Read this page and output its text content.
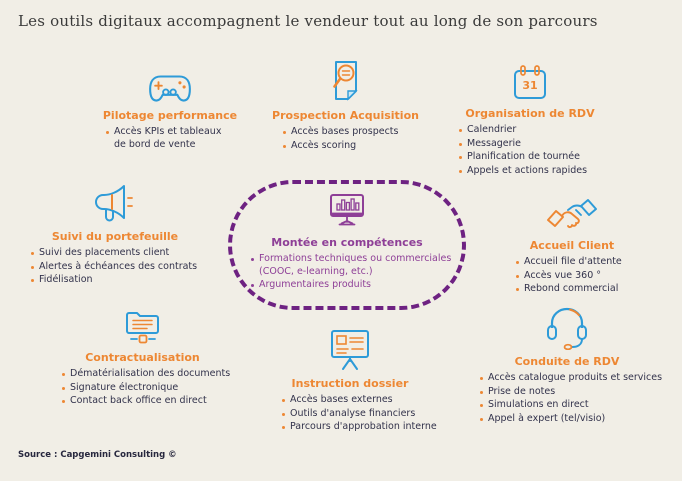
Les outils digitaux accompagnent le vendeur tout au long de son parcours
Pilotage performance
Accès KPIs et tableaux de bord de vente
Prospection Acquisition
Accès bases prospects
Accès scoring
31
Organisation de RDV
Calendrier
Messagerie
Planification de tournée
Appels et actions rapides
Suivi du portefeuille
Suivi des placements client
Alertes à échéances des contrats
Fidélisation
Montée en compétences
Formations techniques ou commerciales (COOC, e-learning, etc.)
Argumentaires produits
Accueil Client
Accueil file d'attente
Accès vue 360 °
Rebond commercial
Contractualisation
Dématérialisation des documents
Signature électronique
Contact back office en direct
Instruction dossier
Accès bases externes
Outils d'analyse financiers
Parcours d'approbation interne
Conduite de RDV
Accès catalogue produits et services
Prise de notes
Simulations en direct
Appel à expert (tel/visio)

Source : Capgemini Consulting ©
